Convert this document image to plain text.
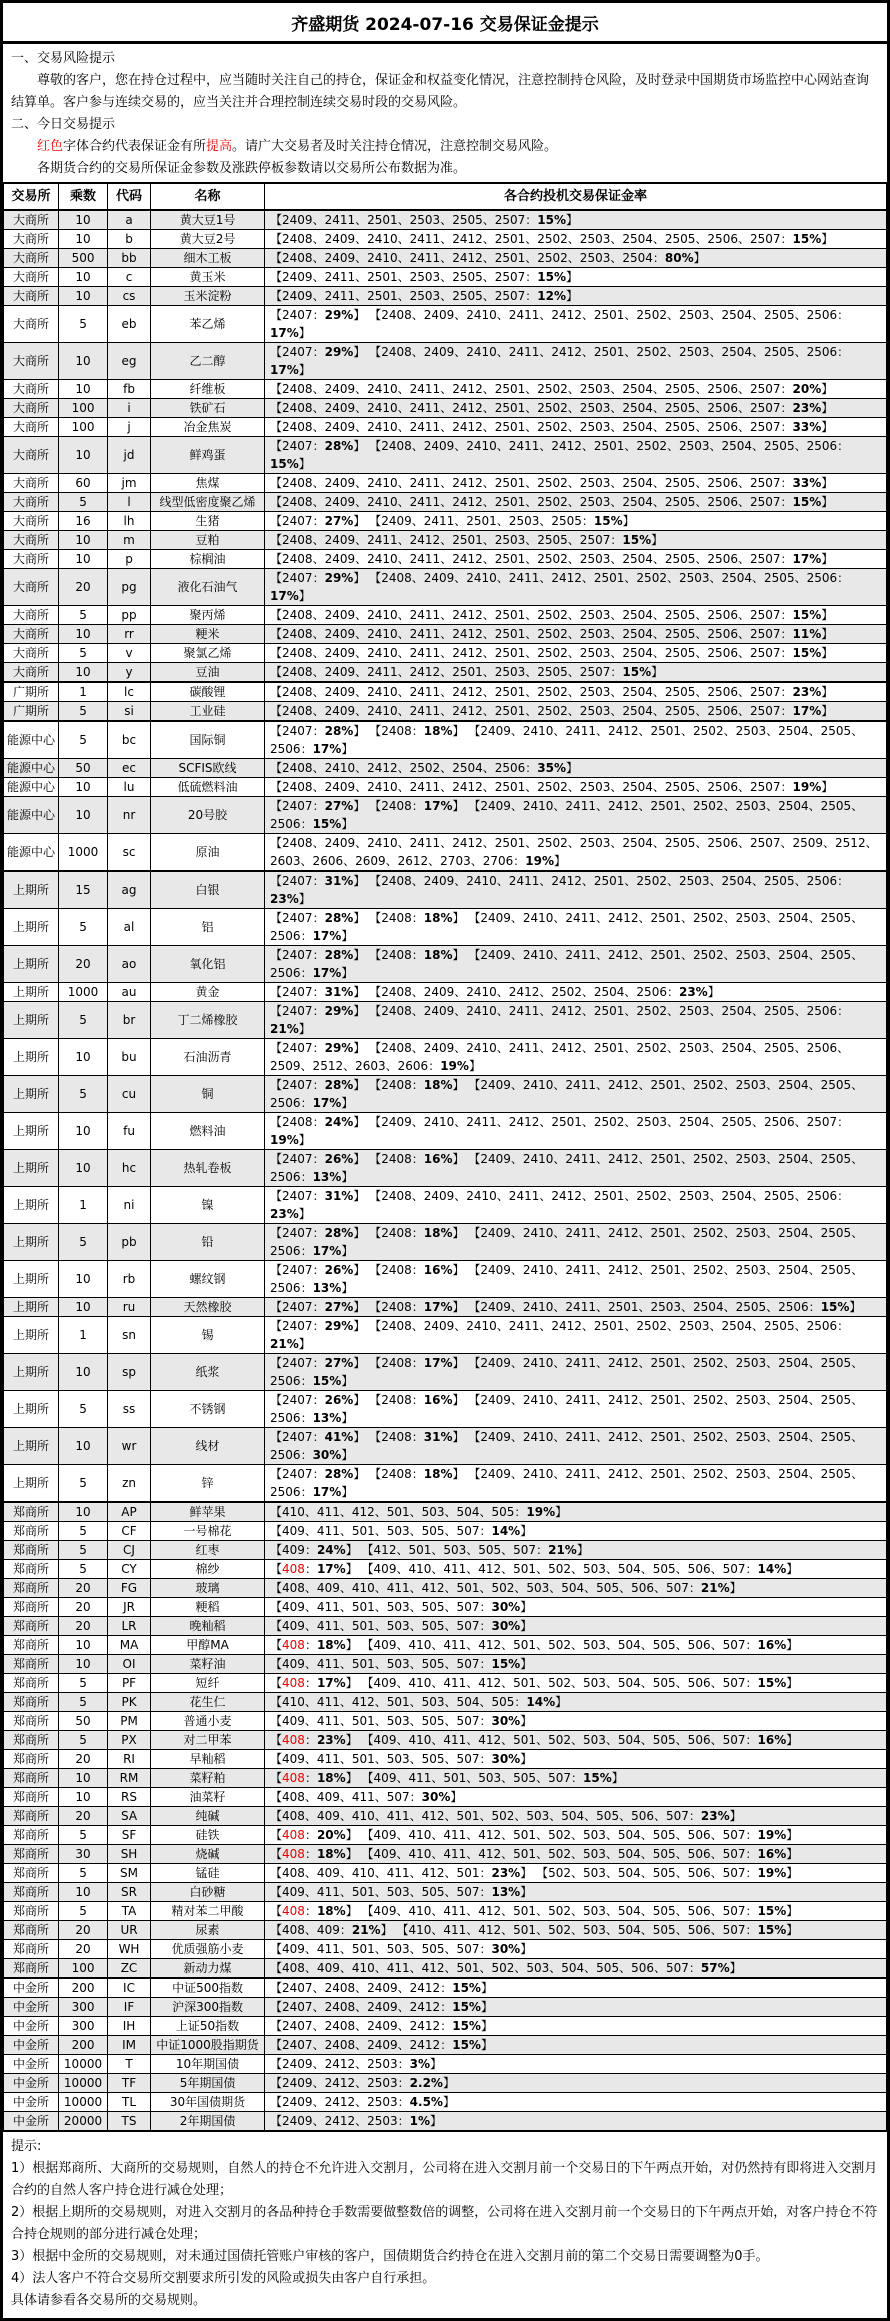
齐盛期货 2024-07-16 交易保证金提示

一、交易风险提示

尊敬的客户，您在持仓过程中，应当随时关注自己的持仓，保证金和权益变化情况，注意控制持仓风险，及时登录中国期货市场监控中心网站查询结算单。客户参与连续交易的，应当关注并合理控制连续交易时段的交易风险。

二、今日交易提示

红色字体合约代表保证金有所提高。请广大交易者及时关注持仓情况，注意控制交易风险。

各期货合约的交易所保证金参数及涨跌停板参数请以交易所公布数据为准。

交易所	乘数	代码	名称	各合约投机交易保证金率
大商所	10	a	黄大豆1号	【2409、2411、2501、2503、2505、2507：15%】
大商所	10	b	黄大豆2号	【2408、2409、2410、2411、2412、2501、2502、2503、2504、2505、2506、2507：15%】
大商所	500	bb	细木工板	【2408、2409、2410、2411、2412、2501、2502、2503、2504：80%】
大商所	10	c	黄玉米	【2409、2411、2501、2503、2505、2507：15%】
大商所	10	cs	玉米淀粉	【2409、2411、2501、2503、2505、2507：12%】
大商所	5	eb	苯乙烯	【2407：29%】 【2408、2409、2410、2411、2412、2501、2502、2503、2504、2505、2506：17%】
大商所	10	eg	乙二醇	【2407：29%】 【2408、2409、2410、2411、2412、2501、2502、2503、2504、2505、2506：17%】
大商所	10	fb	纤维板	【2408、2409、2410、2411、2412、2501、2502、2503、2504、2505、2506、2507：20%】
大商所	100	i	铁矿石	【2408、2409、2410、2411、2412、2501、2502、2503、2504、2505、2506、2507：23%】
大商所	100	j	冶金焦炭	【2408、2409、2410、2411、2412、2501、2502、2503、2504、2505、2506、2507：33%】
大商所	10	jd	鲜鸡蛋	【2407：28%】 【2408、2409、2410、2411、2412、2501、2502、2503、2504、2505、2506：15%】
大商所	60	jm	焦煤	【2408、2409、2410、2411、2412、2501、2502、2503、2504、2505、2506、2507：33%】
大商所	5	l	线型低密度聚乙烯	【2408、2409、2410、2411、2412、2501、2502、2503、2504、2505、2506、2507：15%】
大商所	16	lh	生猪	【2407：27%】 【2409、2411、2501、2503、2505：15%】
大商所	10	m	豆粕	【2408、2409、2411、2412、2501、2503、2505、2507：15%】
大商所	10	p	棕榈油	【2408、2409、2410、2411、2412、2501、2502、2503、2504、2505、2506、2507：17%】
大商所	20	pg	液化石油气	【2407：29%】 【2408、2409、2410、2411、2412、2501、2502、2503、2504、2505、2506：17%】
大商所	5	pp	聚丙烯	【2408、2409、2410、2411、2412、2501、2502、2503、2504、2505、2506、2507：15%】
大商所	10	rr	粳米	【2408、2409、2410、2411、2412、2501、2502、2503、2504、2505、2506、2507：11%】
大商所	5	v	聚氯乙烯	【2408、2409、2410、2411、2412、2501、2502、2503、2504、2505、2506、2507：15%】
大商所	10	y	豆油	【2408、2409、2411、2412、2501、2503、2505、2507：15%】
广期所	1	lc	碳酸锂	【2408、2409、2410、2411、2412、2501、2502、2503、2504、2505、2506、2507：23%】
广期所	5	si	工业硅	【2408、2409、2410、2411、2412、2501、2502、2503、2504、2505、2506、2507：17%】
能源中心	5	bc	国际铜	【2407：28%】 【2408：18%】 【2409、2410、2411、2412、2501、2502、2503、2504、2505、2506：17%】
能源中心	50	ec	SCFIS欧线	【2408、2410、2412、2502、2504、2506：35%】
能源中心	10	lu	低硫燃料油	【2408、2409、2410、2411、2412、2501、2502、2503、2504、2505、2506、2507：19%】
能源中心	10	nr	20号胶	【2407：27%】 【2408：17%】 【2409、2410、2411、2412、2501、2502、2503、2504、2505、2506：15%】
能源中心	1000	sc	原油	【2408、2409、2410、2411、2412、2501、2502、2503、2504、2505、2506、2507、2509、2512、2603、2606、2609、2612、2703、2706：19%】
上期所	15	ag	白银	【2407：31%】 【2408、2409、2410、2411、2412、2501、2502、2503、2504、2505、2506：23%】
上期所	5	al	铝	【2407：28%】 【2408：18%】 【2409、2410、2411、2412、2501、2502、2503、2504、2505、2506：17%】
上期所	20	ao	氧化铝	【2407：28%】 【2408：18%】 【2409、2410、2411、2412、2501、2502、2503、2504、2505、2506：17%】
上期所	1000	au	黄金	【2407：31%】 【2408、2409、2410、2412、2502、2504、2506：23%】
上期所	5	br	丁二烯橡胶	【2407：29%】 【2408、2409、2410、2411、2412、2501、2502、2503、2504、2505、2506：21%】
上期所	10	bu	石油沥青	【2407：29%】 【2408、2409、2410、2411、2412、2501、2502、2503、2504、2505、2506、2509、2512、2603、2606：19%】
上期所	5	cu	铜	【2407：28%】 【2408：18%】 【2409、2410、2411、2412、2501、2502、2503、2504、2505、2506：17%】
上期所	10	fu	燃料油	【2408：24%】 【2409、2410、2411、2412、2501、2502、2503、2504、2505、2506、2507：19%】
上期所	10	hc	热轧卷板	【2407：26%】 【2408：16%】 【2409、2410、2411、2412、2501、2502、2503、2504、2505、2506：13%】
上期所	1	ni	镍	【2407：31%】 【2408、2409、2410、2411、2412、2501、2502、2503、2504、2505、2506：23%】
上期所	5	pb	铅	【2407：28%】 【2408：18%】 【2409、2410、2411、2412、2501、2502、2503、2504、2505、2506：17%】
上期所	10	rb	螺纹钢	【2407：26%】 【2408：16%】 【2409、2410、2411、2412、2501、2502、2503、2504、2505、2506：13%】
上期所	10	ru	天然橡胶	【2407：27%】 【2408：17%】 【2409、2410、2411、2501、2503、2504、2505、2506：15%】
上期所	1	sn	锡	【2407：29%】 【2408、2409、2410、2411、2412、2501、2502、2503、2504、2505、2506：21%】
上期所	10	sp	纸浆	【2407：27%】 【2408：17%】 【2409、2410、2411、2412、2501、2502、2503、2504、2505、2506：15%】
上期所	5	ss	不锈钢	【2407：26%】 【2408：16%】 【2409、2410、2411、2412、2501、2502、2503、2504、2505、2506：13%】
上期所	10	wr	线材	【2407：41%】 【2408：31%】 【2409、2410、2411、2412、2501、2502、2503、2504、2505、2506：30%】
上期所	5	zn	锌	【2407：28%】 【2408：18%】 【2409、2410、2411、2412、2501、2502、2503、2504、2505、2506：17%】
郑商所	10	AP	鲜苹果	【410、411、412、501、503、504、505：19%】
郑商所	5	CF	一号棉花	【409、411、501、503、505、507：14%】
郑商所	5	CJ	红枣	【409：24%】 【412、501、503、505、507：21%】
郑商所	5	CY	棉纱	【408：17%】 【409、410、411、412、501、502、503、504、505、506、507：14%】
郑商所	20	FG	玻璃	【408、409、410、411、412、501、502、503、504、505、506、507：21%】
郑商所	20	JR	粳稻	【409、411、501、503、505、507：30%】
郑商所	20	LR	晚籼稻	【409、411、501、503、505、507：30%】
郑商所	10	MA	甲醇MA	【408：18%】 【409、410、411、412、501、502、503、504、505、506、507：16%】
郑商所	10	OI	菜籽油	【409、411、501、503、505、507：15%】
郑商所	5	PF	短纤	【408：17%】 【409、410、411、412、501、502、503、504、505、506、507：15%】
郑商所	5	PK	花生仁	【410、411、412、501、503、504、505：14%】
郑商所	50	PM	普通小麦	【409、411、501、503、505、507：30%】
郑商所	5	PX	对二甲苯	【408：23%】 【409、410、411、412、501、502、503、504、505、506、507：16%】
郑商所	20	RI	早籼稻	【409、411、501、503、505、507：30%】
郑商所	10	RM	菜籽粕	【408：18%】 【409、411、501、503、505、507：15%】
郑商所	10	RS	油菜籽	【408、409、411、507：30%】
郑商所	20	SA	纯碱	【408、409、410、411、412、501、502、503、504、505、506、507：23%】
郑商所	5	SF	硅铁	【408：20%】 【409、410、411、412、501、502、503、504、505、506、507：19%】
郑商所	30	SH	烧碱	【408：18%】 【409、410、411、412、501、502、503、504、505、506、507：16%】
郑商所	5	SM	锰硅	【408、409、410、411、412、501：23%】 【502、503、504、505、506、507：19%】
郑商所	10	SR	白砂糖	【409、411、501、503、505、507：13%】
郑商所	5	TA	精对苯二甲酸	【408：18%】 【409、410、411、412、501、502、503、504、505、506、507：15%】
郑商所	20	UR	尿素	【408、409：21%】 【410、411、412、501、502、503、504、505、506、507：15%】
郑商所	20	WH	优质强筋小麦	【409、411、501、503、505、507：30%】
郑商所	100	ZC	新动力煤	【408、409、410、411、412、501、502、503、504、505、506、507：57%】
中金所	200	IC	中证500指数	【2407、2408、2409、2412：15%】
中金所	300	IF	沪深300指数	【2407、2408、2409、2412：15%】
中金所	300	IH	上证50指数	【2407、2408、2409、2412：15%】
中金所	200	IM	中证1000股指期货	【2407、2408、2409、2412：15%】
中金所	10000	T	10年期国债	【2409、2412、2503：3%】
中金所	10000	TF	5年期国债	【2409、2412、2503：2.2%】
中金所	10000	TL	30年国债期货	【2409、2412、2503：4.5%】
中金所	20000	TS	2年期国债	【2409、2412、2503：1%】

提示:

1）根据郑商所、大商所的交易规则，自然人的持仓不允许进入交割月，公司将在进入交割月前一个交易日的下午两点开始，对仍然持有即将进入交割月合约的自然人客户持仓进行减仓处理；

2）根据上期所的交易规则，对进入交割月的各品种持仓手数需要做整数倍的调整，公司将在进入交割月前一个交易日的下午两点开始，对客户持仓不符合持仓规则的部分进行减仓处理；

3）根据中金所的交易规则，对未通过国债托管账户审核的客户，国债期货合约持仓在进入交割月前的第二个交易日需要调整为0手。

4）法人客户不符合交易所交割要求所引发的风险或损失由客户自行承担。

具体请参看各交易所的交易规则。
